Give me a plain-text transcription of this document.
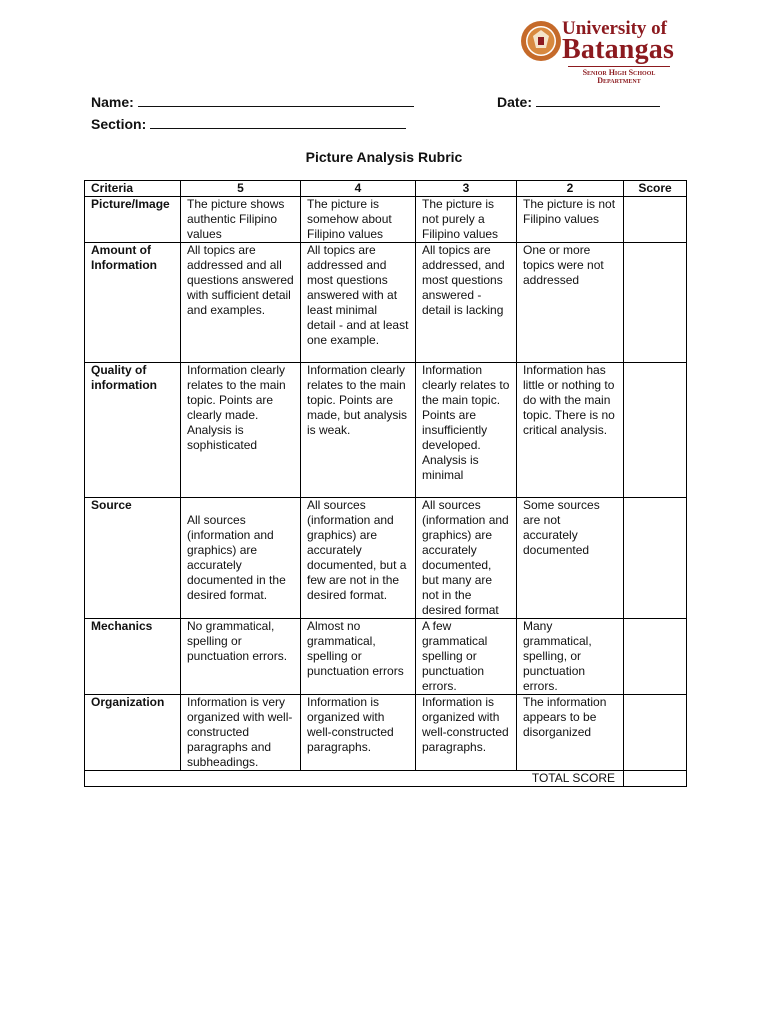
University of
Batangas
Senior High School
Department
Name:	Date:
Section:
Picture Analysis Rubric
Criteria	5	4	3	2	Score
Picture/Image	The picture shows authentic Filipino values	The picture is somehow about Filipino values	The picture is not purely a Filipino values	The picture is not Filipino values	
Amount of Information	All topics are addressed and all questions answered with sufficient detail and examples.	All topics are addressed and most questions answered with at least minimal detail - and at least one example.	All topics are addressed, and most questions answered - detail is lacking	One or more topics were not addressed	
Quality of information	Information clearly relates to the main topic. Points are clearly made. Analysis is sophisticated	Information clearly relates to the main topic. Points are made, but analysis is weak.	Information clearly relates to the main topic. Points are insufficiently developed. Analysis is minimal	Information has little or nothing to do with the main topic. There is no critical analysis.	
Source	All sources (information and graphics) are accurately documented in the desired format.	All sources (information and graphics) are accurately documented, but a few are not in the desired format.	All sources (information and graphics) are accurately documented, but many are not in the desired format	Some sources are not accurately documented	
Mechanics	No grammatical, spelling or punctuation errors.	Almost no grammatical, spelling or punctuation errors	A few grammatical spelling or punctuation errors.	Many grammatical, spelling, or punctuation errors.	
Organization	Information is very organized with well-constructed paragraphs and subheadings.	Information is organized with well-constructed paragraphs.	Information is organized with well-constructed paragraphs.	The information appears to be disorganized	
TOTAL SCORE					
